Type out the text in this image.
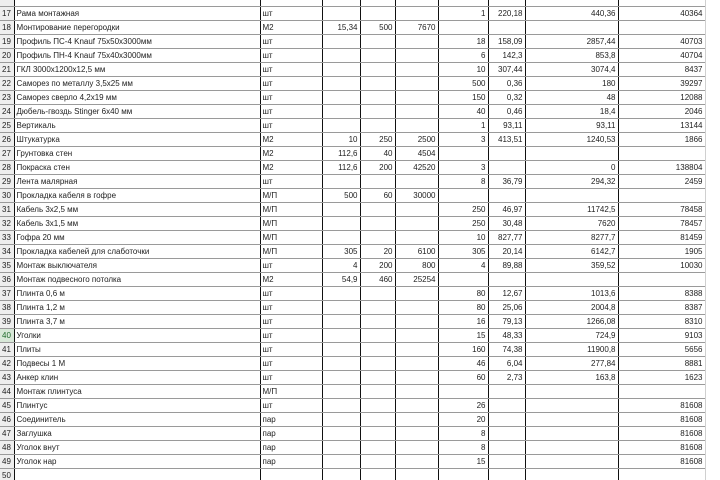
17	Рама монтажная	шт				1	220,18	440,36	40364
18	Монтирование перегородки	М2	15,34	500	7670				
19	Профиль ПС-4 Knauf 75х50х3000мм	шт				18	158,09	2857,44	40703
20	Профиль ПН-4 Knauf 75х40х3000мм	шт				6	142,3	853,8	40704
21	ГКЛ 3000х1200х12,5 мм	шт				10	307,44	3074,4	8437
22	Саморез по металлу 3,5х25 мм	шт				500	0,36	180	39297
23	Саморез сверло 4,2х19 мм	шт				150	0,32	48	12088
24	Дюбель-гвоздь Stinger 6х40 мм	шт				40	0,46	18,4	2046
25	Вертикаль	шт				1	93,11	93,11	13144
26	Штукатурка	М2	10	250	2500	3	413,51	1240,53	1866
27	Грунтовка стен	М2	112,6	40	4504				
28	Покраска стен	М2	112,6	200	42520	3		0	138804
29	Лента малярная	шт				8	36,79	294,32	2459
30	Прокладка кабеля в гофре	М/П	500	60	30000				
31	Кабель 3х2,5 мм	М/П				250	46,97	11742,5	78458
32	Кабель 3х1,5 мм	М/П				250	30,48	7620	78457
33	Гофра 20 мм	М/П				10	827,77	8277,7	81459
34	Прокладка кабелей для слаботочки	М/П	305	20	6100	305	20,14	6142,7	1905
35	Монтаж выключателя	шт	4	200	800	4	89,88	359,52	10030
36	Монтаж подвесного потолка	М2	54,9	460	25254				
37	Плинта 0,6 м	шт				80	12,67	1013,6	8388
38	Плинта 1,2 м	шт				80	25,06	2004,8	8387
39	Плинта 3,7 м	шт				16	79,13	1266,08	8310
40	Уголки	шт				15	48,33	724,9	9103
41	Плиты	шт				160	74,38	11900,8	5656
42	Подвесы 1 М	шт				46	6,04	277,84	8881
43	Анкер клин	шт				60	2,73	163,8	1623
44	Монтаж плинтуса	М/П							
45	Плинтус	шт				26			81608
46	Соединитель	пар				20			81608
47	Заглушка	пар				8			81608
48	Уголок внут	пар				8			81608
49	Уголок нар	пар				15			81608
50									
